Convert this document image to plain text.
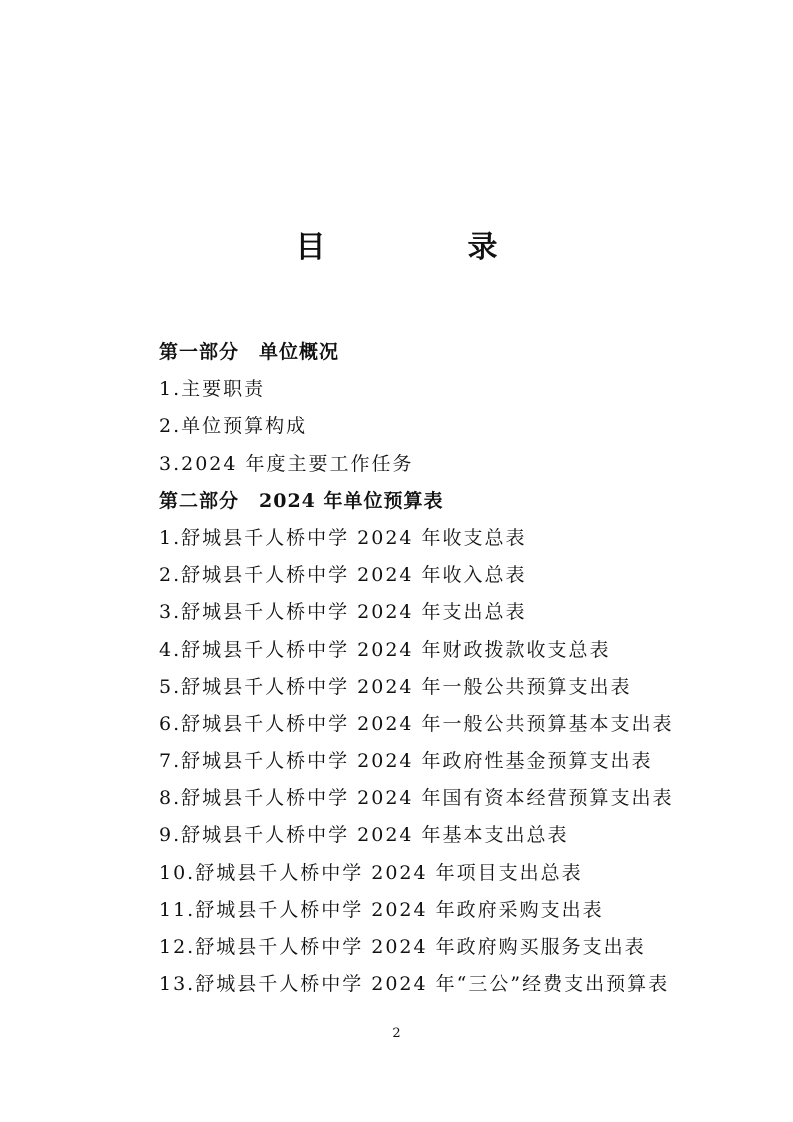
目　录
第一部分　单位概况
1.主要职责
2.单位预算构成
3.2024 年度主要工作任务
第二部分　2024 年单位预算表
1.舒城县千人桥中学 2024 年收支总表
2.舒城县千人桥中学 2024 年收入总表
3.舒城县千人桥中学 2024 年支出总表
4.舒城县千人桥中学 2024 年财政拨款收支总表
5.舒城县千人桥中学 2024 年一般公共预算支出表
6.舒城县千人桥中学 2024 年一般公共预算基本支出表
7.舒城县千人桥中学 2024 年政府性基金预算支出表
8.舒城县千人桥中学 2024 年国有资本经营预算支出表
9.舒城县千人桥中学 2024 年基本支出总表
10.舒城县千人桥中学 2024 年项目支出总表
11.舒城县千人桥中学 2024 年政府采购支出表
12.舒城县千人桥中学 2024 年政府购买服务支出表
13.舒城县千人桥中学 2024 年“三公”经费支出预算表
2
